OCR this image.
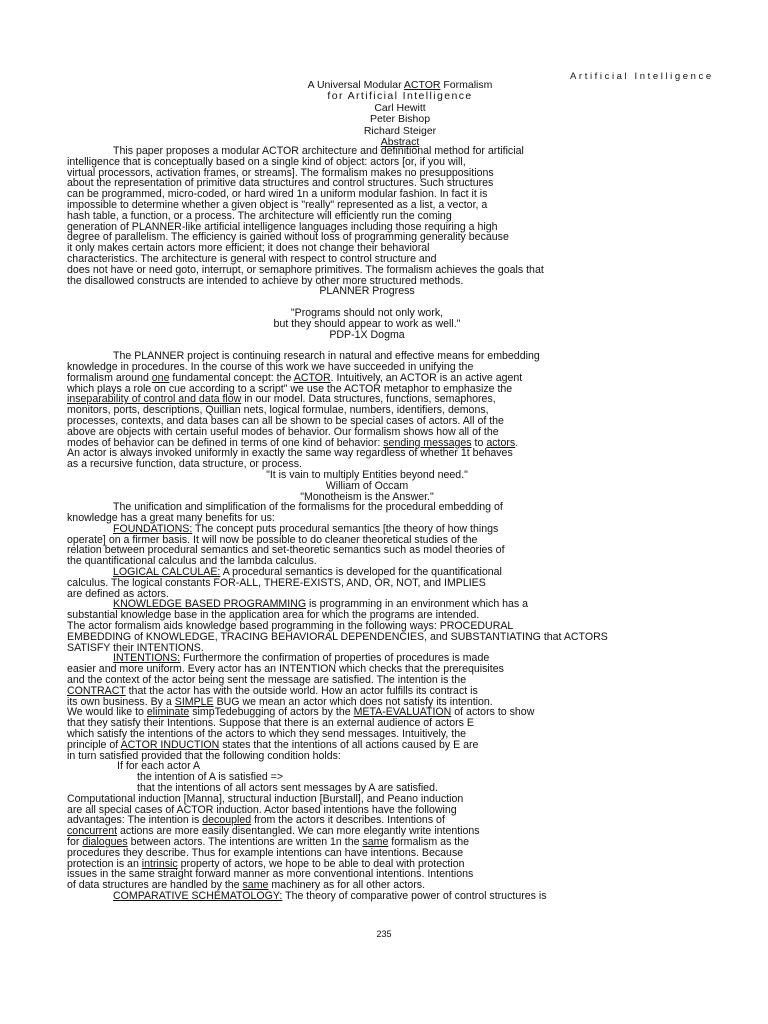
Artificial Intelligence
A Universal Modular ACTOR Formalism
for Artificial Intelligence
Carl Hewitt
Peter Bishop
Richard Steiger
Abstract
This paper proposes a modular ACTOR architecture and definitional method for artificial
intelligence that is conceptually based on a single kind of object: actors [or, if you will,
virtual processors, activation frames, or streams]. The formalism makes no presuppositions
about the representation of primitive data structures and control structures. Such structures
can be programmed, micro-coded, or hard wired 1n a uniform modular fashion. In fact it is
impossible to determine whether a given object is "really" represented as a list, a vector, a
hash table, a function, or a process. The architecture will efficiently run the coming
generation of PLANNER-like artificial intelligence languages including those requiring a high
degree of parallelism. The efficiency is gained without loss of programming generality because
it only makes certain actors more efficient; it does not change their behavioral
characteristics. The architecture is general with respect to control structure and
does not have or need goto, interrupt, or semaphore primitives. The formalism achieves the goals that
the disallowed constructs are intended to achieve by other more structured methods.
PLANNER Progress
"Programs should not only work,
but they should appear to work as well."
PDP-1X Dogma
The PLANNER project is continuing research in natural and effective means for embedding
knowledge in procedures. In the course of this work we have succeeded in unifying the
formalism around one fundamental concept: the ACTOR. Intuitively, an ACTOR is an active agent
which plays a role on cue according to a script" we use the ACTOR metaphor to emphasize the
inseparability of control and data flow in our model. Data structures, functions, semaphores,
monitors, ports, descriptions, Quillian nets, logical formulae, numbers, identifiers, demons,
processes, contexts, and data bases can all be shown to be special cases of actors. All of the
above are objects with certain useful modes of behavior. Our formalism shows how all of the
modes of behavior can be defined in terms of one kind of behavior: sending messages to actors.
An actor is always invoked uniformly in exactly the same way regardless of whether 1t behaves
as a recursive function, data structure, or process.
"It is vain to multiply Entities beyond need."
William of Occam
"Monotheism is the Answer."
The unification and simplification of the formalisms for the procedural embedding of
knowledge has a great many benefits for us:
FOUNDATIONS: The concept puts procedural semantics [the theory of how things
operate] on a firmer basis. It will now be possible to do cleaner theoretical studies of the
relation between procedural semantics and set-theoretic semantics such as model theories of
the quantificational calculus and the lambda calculus.
LOGICAL CALCULAE: A procedural semantics is developed for the quantificational
calculus. The logical constants FOR-ALL, THERE-EXISTS, AND, OR, NOT, and IMPLIES
are defined as actors.
KNOWLEDGE BASED PROGRAMMING is programming in an environment which has a
substantial knowledge base in the application area for which the programs are intended.
The actor formalism aids knowledge based programming in the following ways: PROCEDURAL
EMBEDDING of KNOWLEDGE, TRACING BEHAVIORAL DEPENDENCIES, and SUBSTANTIATING that ACTORS
SATISFY their INTENTIONS.
INTENTIONS: Furthermore the confirmation of properties of procedures is made
easier and more uniform. Every actor has an INTENTION which checks that the prerequisites
and the context of the actor being sent the message are satisfied. The intention is the
CONTRACT that the actor has with the outside world. How an actor fulfills its contract is
its own business. By a SIMPLE BUG we mean an actor which does not satisfy its intention.
We would like to eliminate simpTedebugging of actors by the META-EVALUATION of actors to show
that they satisfy their Intentions. Suppose that there is an external audience of actors E
which satisfy the intentions of the actors to which they send messages. Intuitively, the
principle of ACTOR INDUCTION states that the intentions of all actions caused by E are
in turn satisfied provided that the following condition holds:
If for each actor A
the intention of A is satisfied =>
that the intentions of all actors sent messages by A are satisfied.
Computational induction [Manna], structural induction [Burstall], and Peano induction
are all special cases of ACTOR induction. Actor based intentions have the following
advantages: The intention is decoupled from the actors it describes. Intentions of
concurrent actions are more easily disentangled. We can more elegantly write intentions
for dialogues between actors. The intentions are written 1n the same formalism as the
procedures they describe. Thus for example intentions can have intentions. Because
protection is an intrinsic property of actors, we hope to be able to deal with protection
issues in the same straight forward manner as more conventional intentions. Intentions
of data structures are handled by the same machinery as for all other actors.
COMPARATIVE SCHEMATOLOGY: The theory of comparative power of control structures is
235
